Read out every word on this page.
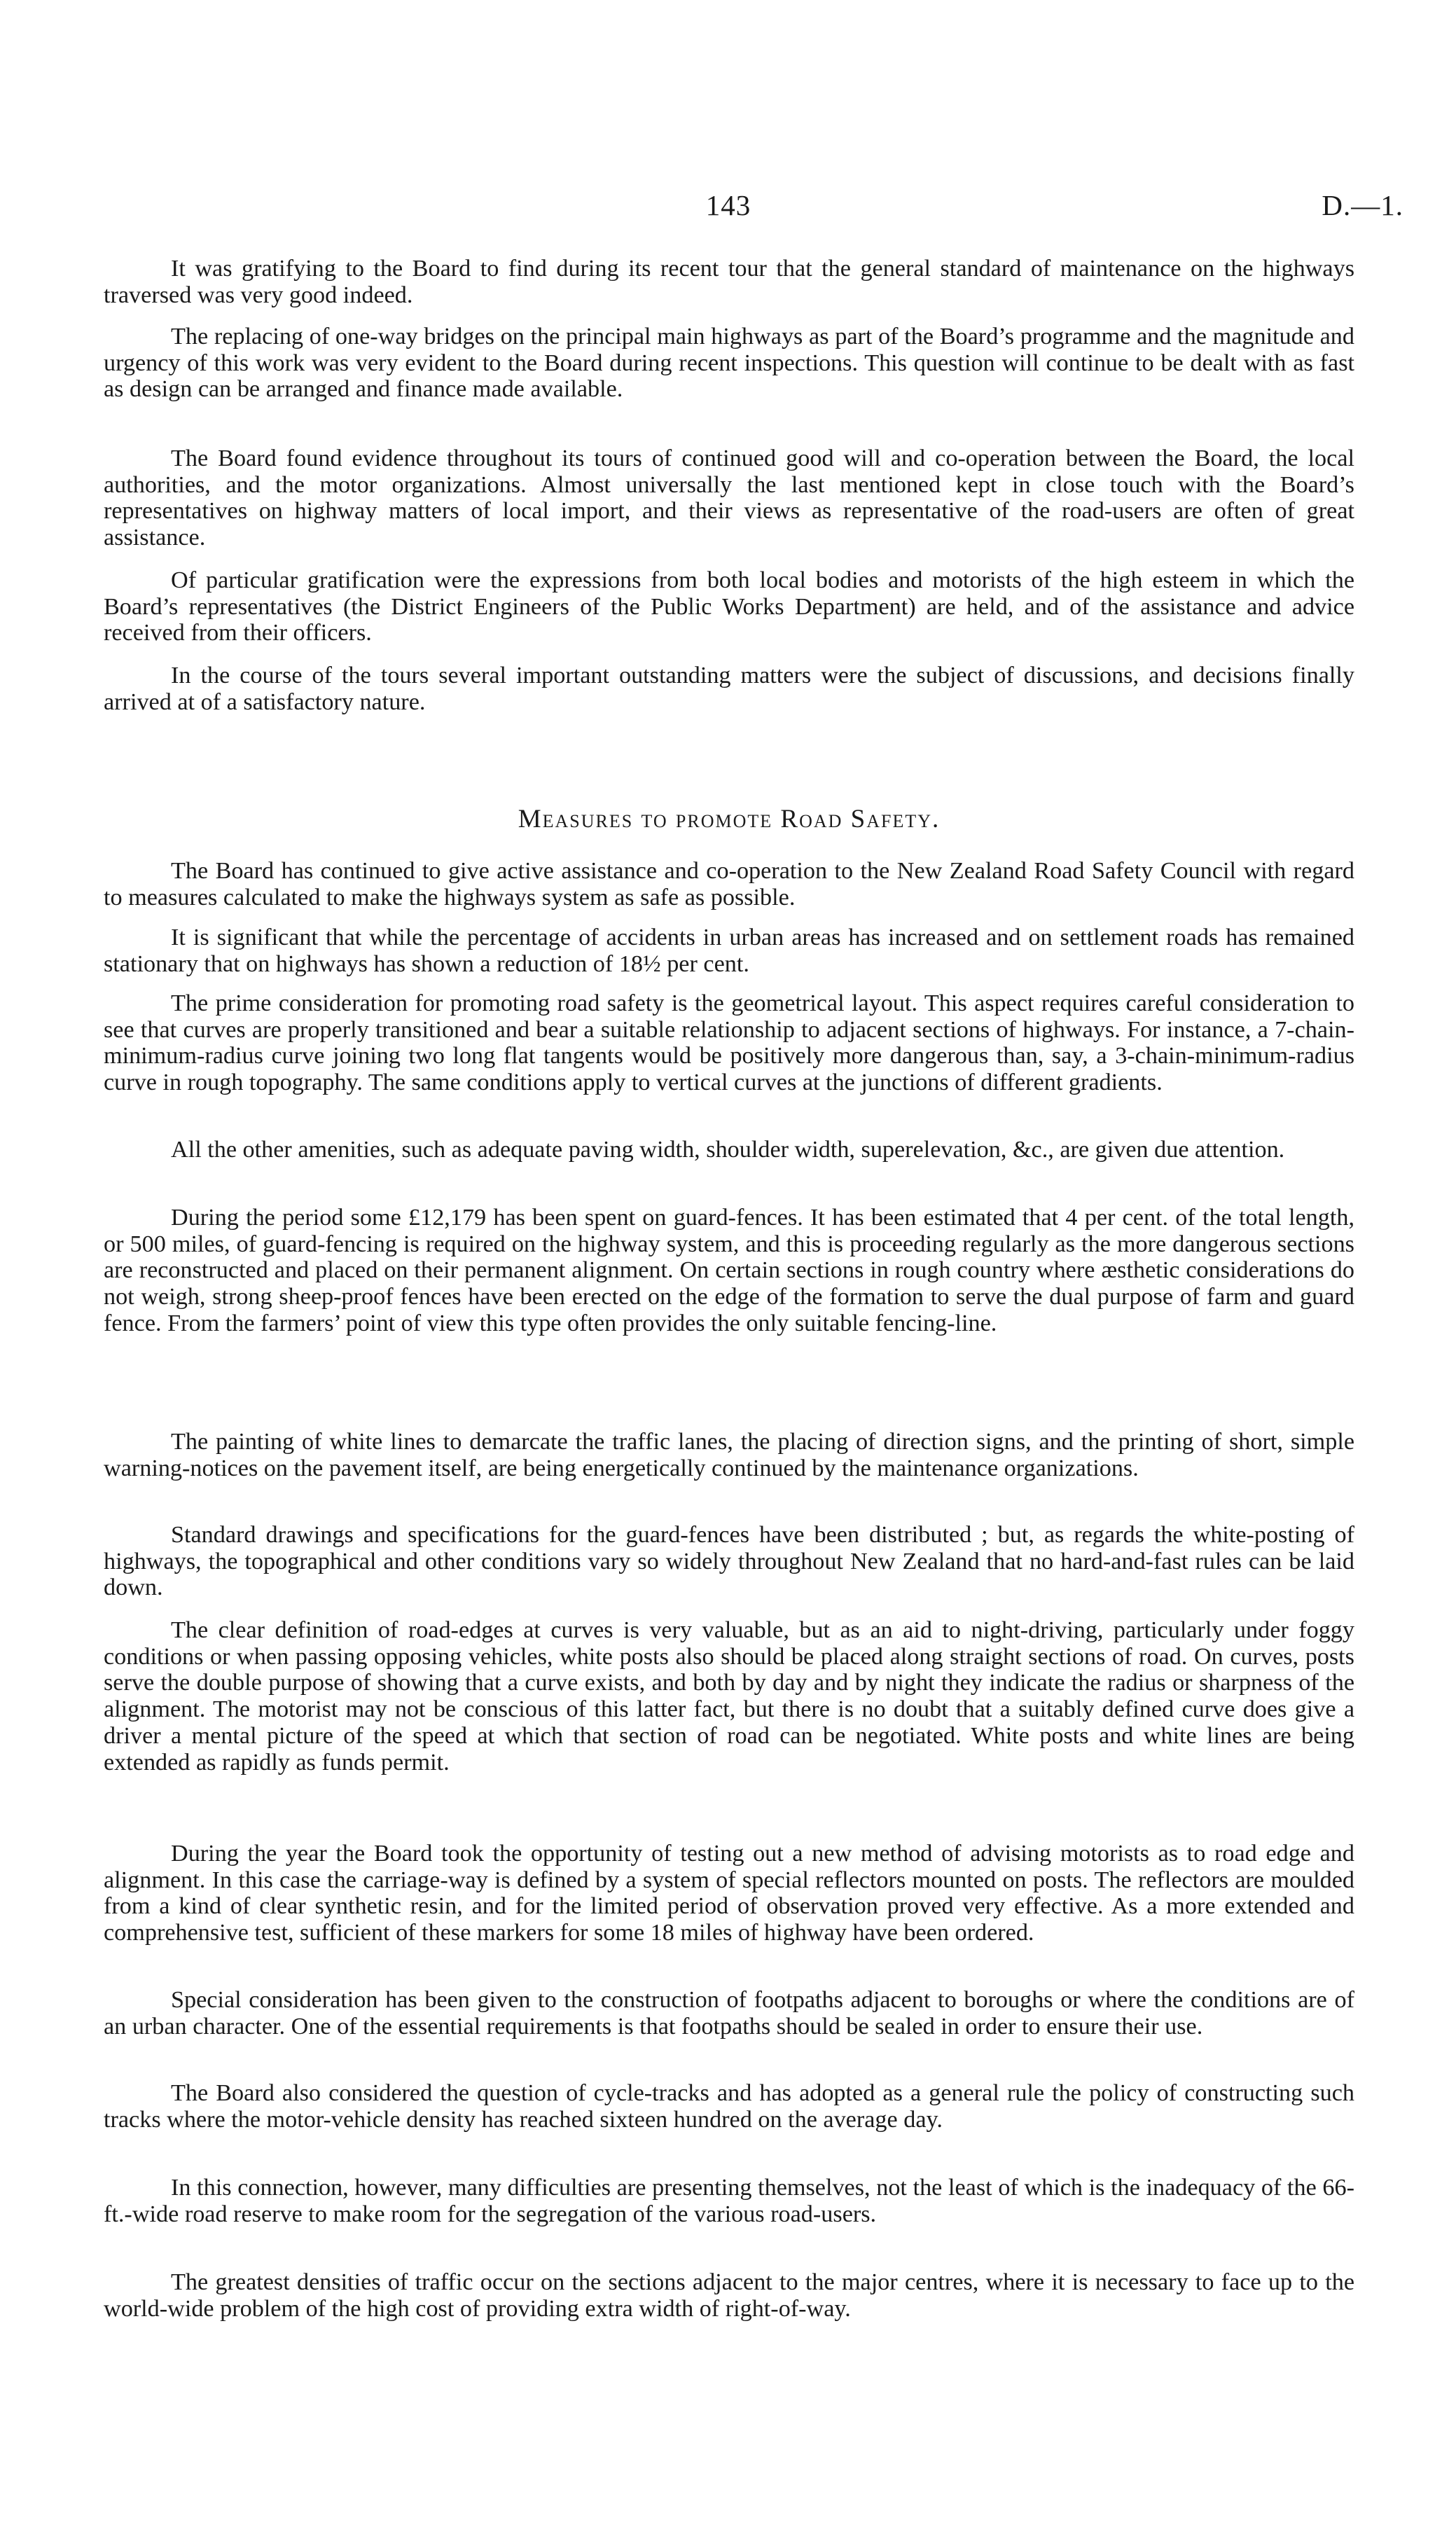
143	D.—1.

It was gratifying to the Board to find during its recent tour that the general standard of maintenance on the highways traversed was very good indeed.

The replacing of one-way bridges on the principal main highways as part of the Board’s programme and the magnitude and urgency of this work was very evident to the Board during recent inspections. This question will continue to be dealt with as fast as design can be arranged and finance made available.

The Board found evidence throughout its tours of continued good will and co-operation between the Board, the local authorities, and the motor organizations. Almost universally the last mentioned kept in close touch with the Board’s representatives on highway matters of local import, and their views as representative of the road-users are often of great assistance.

Of particular gratification were the expressions from both local bodies and motorists of the high esteem in which the Board’s representatives (the District Engineers of the Public Works Department) are held, and of the assistance and advice received from their officers.

In the course of the tours several important outstanding matters were the subject of discussions, and decisions finally arrived at of a satisfactory nature.

Measures to promote Road Safety.

The Board has continued to give active assistance and co-operation to the New Zealand Road Safety Council with regard to measures calculated to make the highways system as safe as possible.

It is significant that while the percentage of accidents in urban areas has increased and on settlement roads has remained stationary that on highways has shown a reduction of 18½ per cent.

The prime consideration for promoting road safety is the geometrical layout. This aspect requires careful consideration to see that curves are properly transitioned and bear a suitable relationship to adjacent sections of highways. For instance, a 7-chain-minimum-radius curve joining two long flat tangents would be positively more dangerous than, say, a 3-chain-minimum-radius curve in rough topography. The same conditions apply to vertical curves at the junctions of different gradients.

All the other amenities, such as adequate paving width, shoulder width, superelevation, &c., are given due attention.

During the period some £12,179 has been spent on guard-fences. It has been estimated that 4 per cent. of the total length, or 500 miles, of guard-fencing is required on the highway system, and this is proceeding regularly as the more dangerous sections are reconstructed and placed on their permanent alignment. On certain sections in rough country where æsthetic considerations do not weigh, strong sheep-proof fences have been erected on the edge of the formation to serve the dual purpose of farm and guard fence. From the farmers’ point of view this type often provides the only suitable fencing-line.

The painting of white lines to demarcate the traffic lanes, the placing of direction signs, and the printing of short, simple warning-notices on the pavement itself, are being energetically continued by the maintenance organizations.

Standard drawings and specifications for the guard-fences have been distributed ; but, as regards the white-posting of highways, the topographical and other conditions vary so widely throughout New Zealand that no hard-and-fast rules can be laid down.

The clear definition of road-edges at curves is very valuable, but as an aid to night-driving, particularly under foggy conditions or when passing opposing vehicles, white posts also should be placed along straight sections of road. On curves, posts serve the double purpose of showing that a curve exists, and both by day and by night they indicate the radius or sharpness of the alignment. The motorist may not be conscious of this latter fact, but there is no doubt that a suitably defined curve does give a driver a mental picture of the speed at which that section of road can be negotiated. White posts and white lines are being extended as rapidly as funds permit.

During the year the Board took the opportunity of testing out a new method of advising motorists as to road edge and alignment. In this case the carriage-way is defined by a system of special reflectors mounted on posts. The reflectors are moulded from a kind of clear synthetic resin, and for the limited period of observation proved very effective. As a more extended and comprehensive test, sufficient of these markers for some 18 miles of highway have been ordered.

Special consideration has been given to the construction of footpaths adjacent to boroughs or where the conditions are of an urban character. One of the essential requirements is that footpaths should be sealed in order to ensure their use.

The Board also considered the question of cycle-tracks and has adopted as a general rule the policy of constructing such tracks where the motor-vehicle density has reached sixteen hundred on the average day.

In this connection, however, many difficulties are presenting themselves, not the least of which is the inadequacy of the 66-ft.-wide road reserve to make room for the segregation of the various road-users.

The greatest densities of traffic occur on the sections adjacent to the major centres, where it is necessary to face up to the world-wide problem of the high cost of providing extra width of right-of-way.
